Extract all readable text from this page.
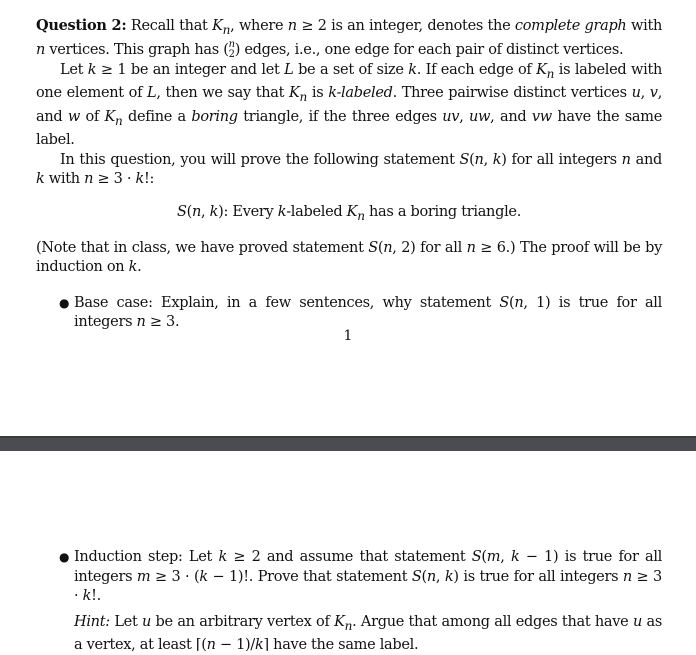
Question 2: Recall that $K_n$, where n ≥ 2 is an integer, denotes the complete graph with n vertices. This graph has (n
2) edges, i.e., one edge for each pair of distinct vertices.

Let k ≥ 1 be an integer and let L be a set of size k. If each edge of $K_n$ is labeled with one element of L, then we say that $K_n$ is k-labeled. Three pairwise distinct vertices u, v, and w of $K_n$ define a boring triangle, if the three edges uv, uw, and vw have the same label.

In this question, you will prove the following statement S(n, k) for all integers n and k with n ≥ 3 · k!:

S(n, k): Every k-labeled $K_n$ has a boring triangle.

(Note that in class, we have proved statement S(n, 2) for all n ≥ 6.) The proof will be by induction on k.

● Base case: Explain, in a few sentences, why statement S(n, 1) is true for all integers n ≥ 3.
1
● Induction step: Let k ≥ 2 and assume that statement S(m, k − 1) is true for all integers m ≥ 3 · (k − 1)!. Prove that statement S(n, k) is true for all integers n ≥ 3 · k!.

Hint: Let u be an arbitrary vertex of $K_n$. Argue that among all edges that have u as a vertex, at least ⌈(n − 1)/k⌉ have the same label.
